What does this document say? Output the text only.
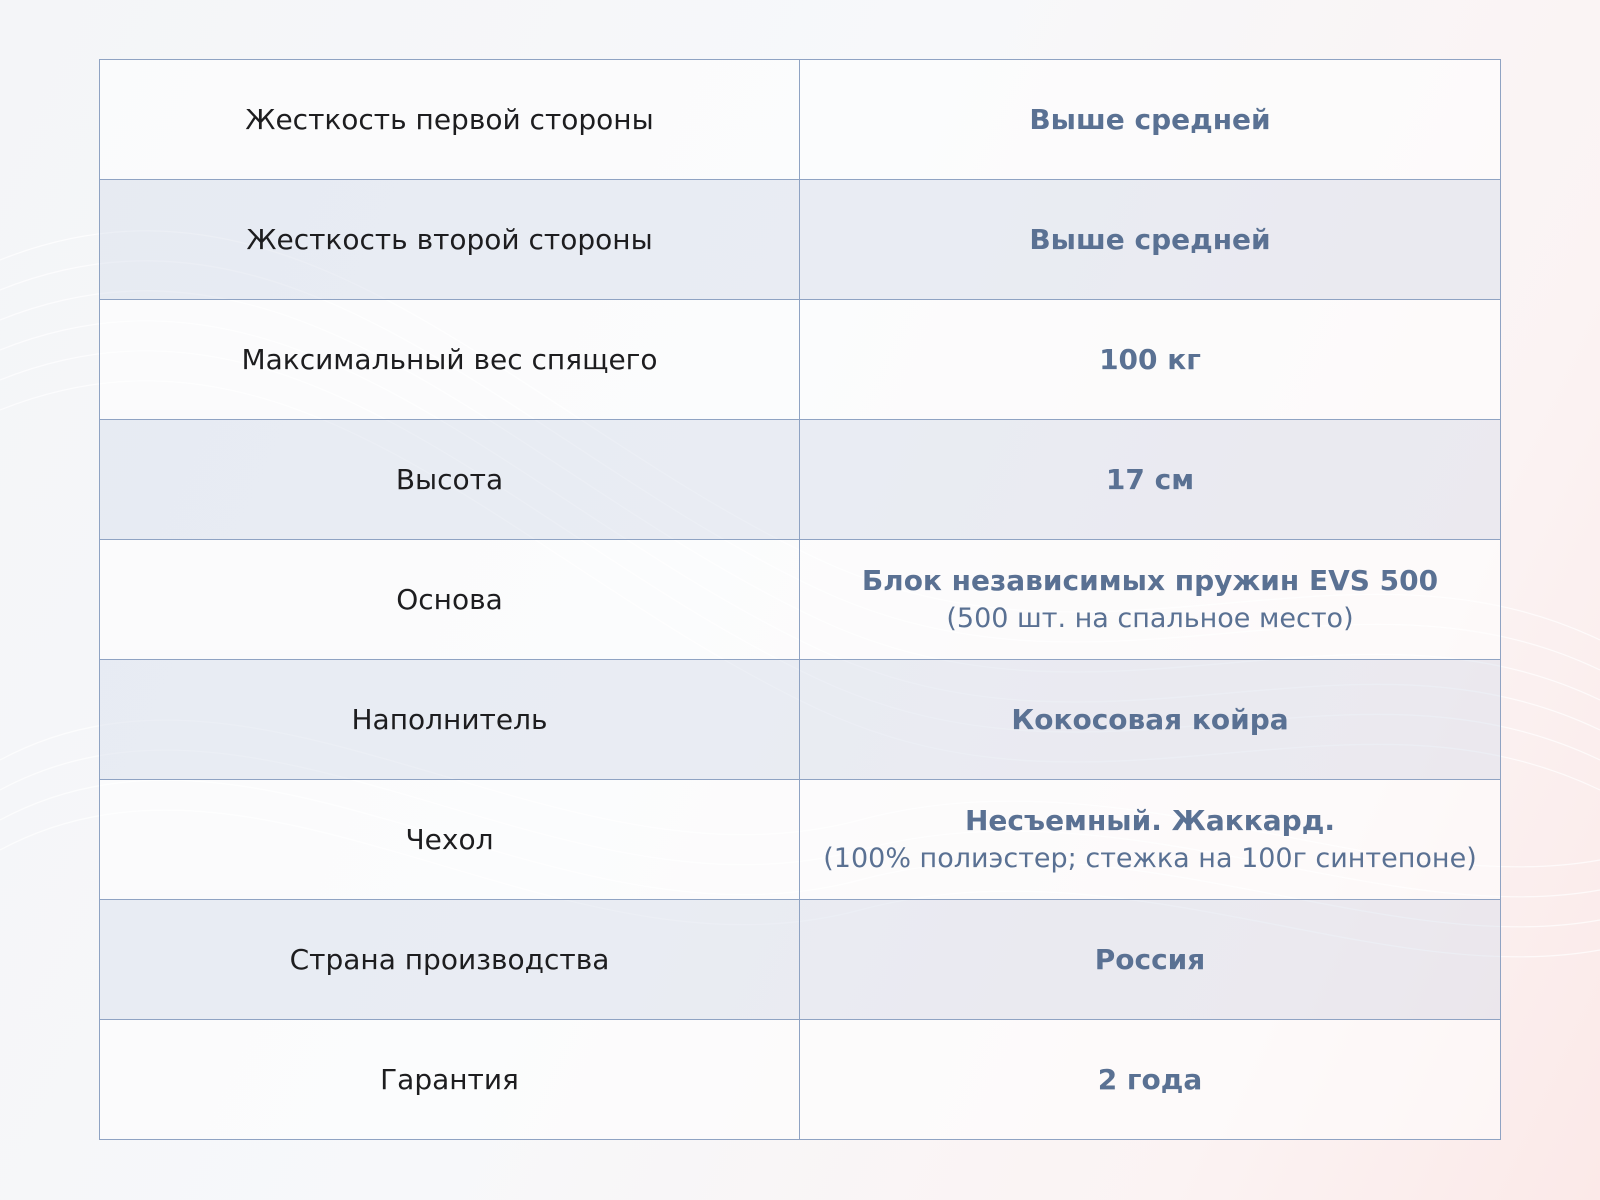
Жесткость первой стороны	Выше средней

Жесткость второй стороны	Выше средней

Максимальный вес спящего	100 кг

Высота	17 см

Основа	Блок независимых пружин EVS 500
(500 шт. на спальное место)

Наполнитель	Кокосовая койра

Чехол	Несъемный. Жаккард.
(100% полиэстер; стежка на 100г синтепоне)

Страна производства	Россия

Гарантия	2 года
